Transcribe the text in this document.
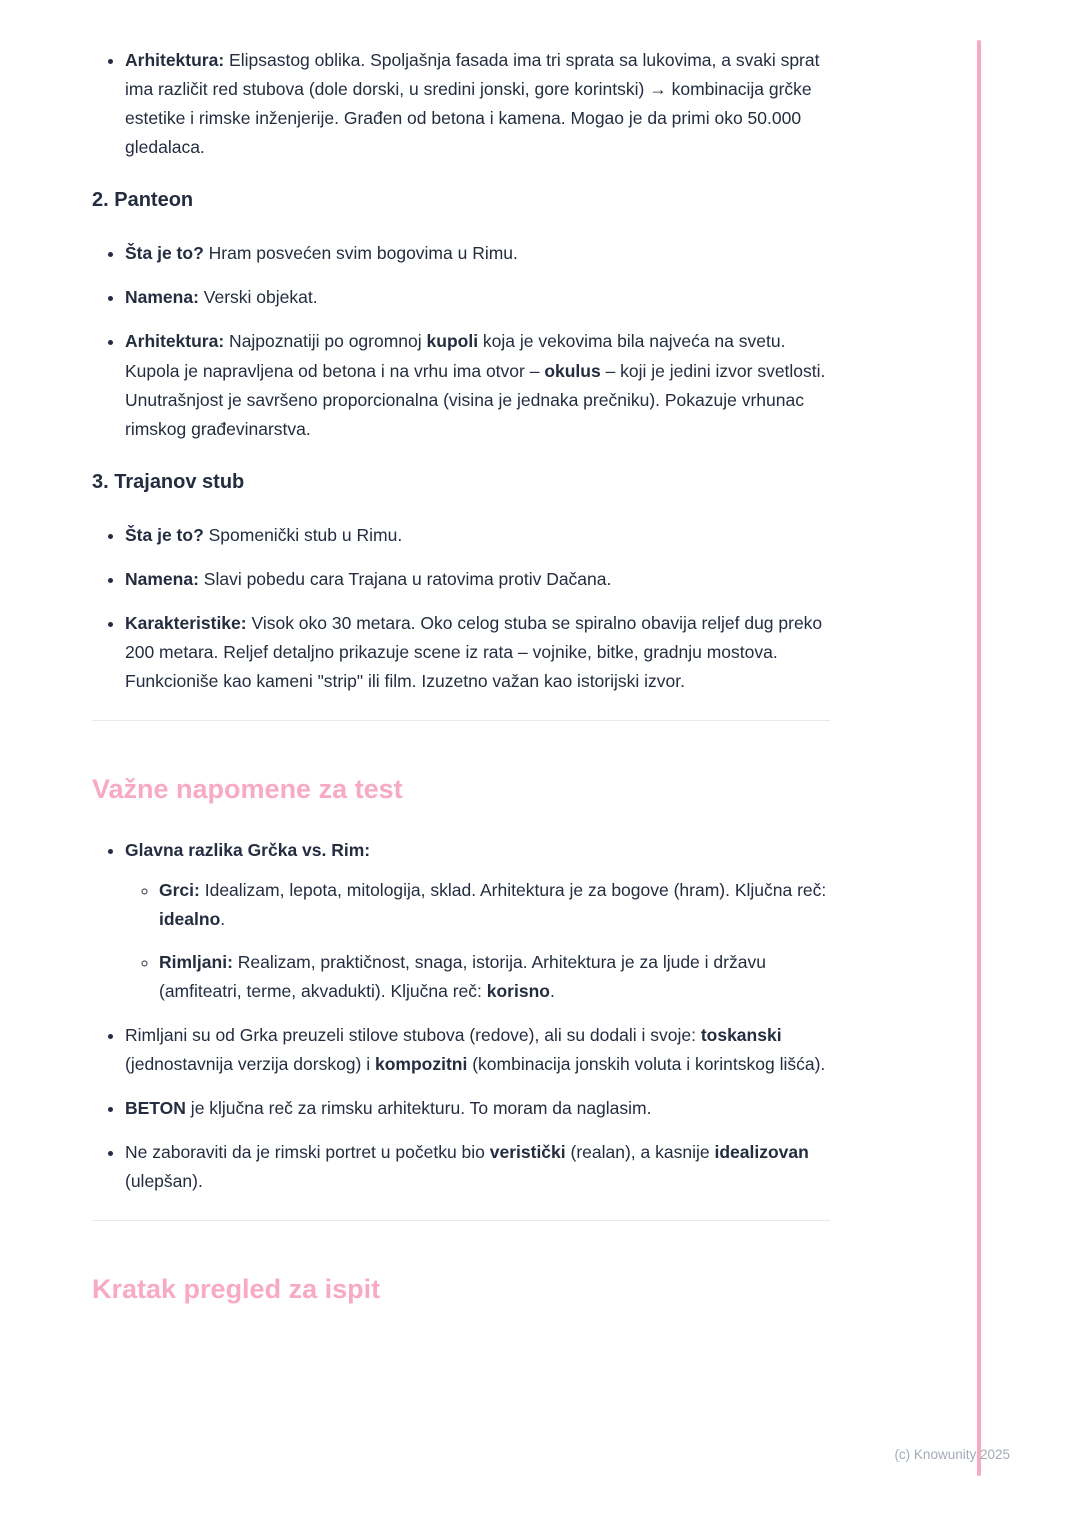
• Arhitektura: Elipsastog oblika. Spoljašnja fasada ima tri sprata sa lukovima, a svaki sprat ima različit red stubova (dole dorski, u sredini jonski, gore korintski) → kombinacija grčke estetike i rimske inženjerije. Građen od betona i kamena. Mogao je da primi oko 50.000 gledalaca.
2. Panteon
• Šta je to? Hram posvećen svim bogovima u Rimu.
• Namena: Verski objekat.
• Arhitektura: Najpoznatiji po ogromnoj kupoli koja je vekovima bila najveća na svetu. Kupola je napravljena od betona i na vrhu ima otvor – okulus – koji je jedini izvor svetlosti. Unutrašnjost je savršeno proporcionalna (visina je jednaka prečniku). Pokazuje vrhunac rimskog građevinarstva.
3. Trajanov stub
• Šta je to? Spomenički stub u Rimu.
• Namena: Slavi pobedu cara Trajana u ratovima protiv Dačana.
• Karakteristike: Visok oko 30 metara. Oko celog stuba se spiralno obavija reljef dug preko 200 metara. Reljef detaljno prikazuje scene iz rata – vojnike, bitke, gradnju mostova. Funkcioniše kao kameni "strip" ili film. Izuzetno važan kao istorijski izvor.
Važne napomene za test
• Glavna razlika Grčka vs. Rim:
◦ Grci: Idealizam, lepota, mitologija, sklad. Arhitektura je za bogove (hram). Ključna reč: idealno.
◦ Rimljani: Realizam, praktičnost, snaga, istorija. Arhitektura je za ljude i državu (amfiteatri, terme, akvadukti). Ključna reč: korisno.
• Rimljani su od Grka preuzeli stilove stubova (redove), ali su dodali i svoje: toskanski (jednostavnija verzija dorskog) i kompozitni (kombinacija jonskih voluta i korintskog lišća).
• BETON je ključna reč za rimsku arhitekturu. To moram da naglasim.
• Ne zaboraviti da je rimski portret u početku bio veristički (realan), a kasnije idealizovan (ulepšan).
Kratak pregled za ispit
(c) Knowunity 2025
